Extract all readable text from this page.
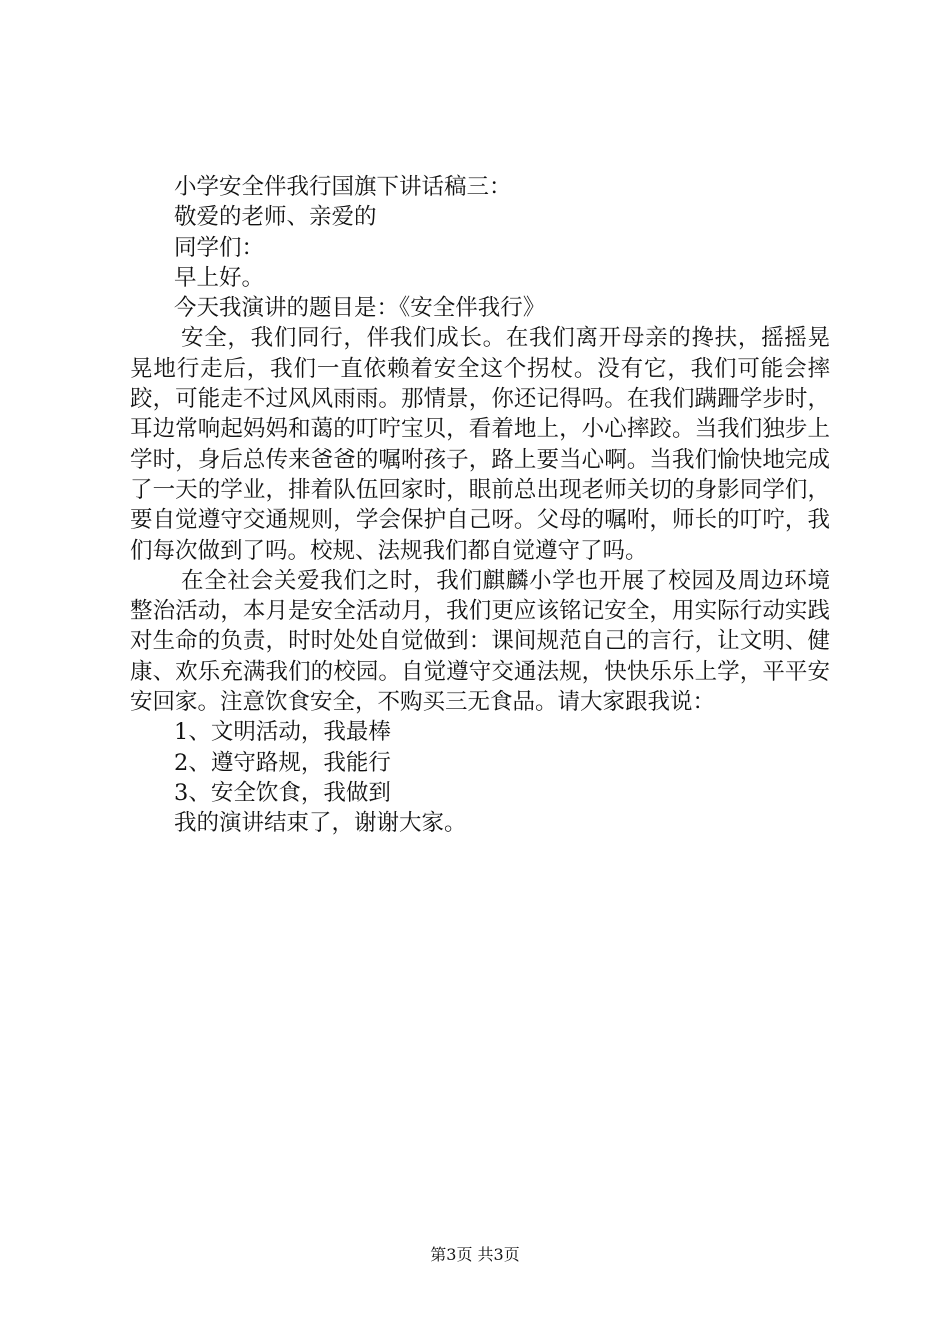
小学安全伴我行国旗下讲话稿三：
敬爱的老师、亲爱的
同学们：
早上好。
今天我演讲的题目是：《安全伴我行》

安全，我们同行，伴我们成长。在我们离开母亲的搀扶，摇摇晃晃地行走后，我们一直依赖着安全这个拐杖。没有它，我们可能会摔跤，可能走不过风风雨雨。那情景，你还记得吗。在我们蹒跚学步时，耳边常响起妈妈和蔼的叮咛宝贝，看着地上，小心摔跤。当我们独步上学时，身后总传来爸爸的嘱咐孩子，路上要当心啊。当我们愉快地完成了一天的学业，排着队伍回家时，眼前总出现老师关切的身影同学们，要自觉遵守交通规则，学会保护自己呀。父母的嘱咐，师长的叮咛，我们每次做到了吗。校规、法规我们都自觉遵守了吗。

在全社会关爱我们之时，我们麒麟小学也开展了校园及周边环境整治活动，本月是安全活动月，我们更应该铭记安全，用实际行动实践对生命的负责，时时处处自觉做到：课间规范自己的言行，让文明、健康、欢乐充满我们的校园。自觉遵守交通法规，快快乐乐上学，平平安安回家。注意饮食安全，不购买三无食品。请大家跟我说：

1、文明活动，我最棒
2、遵守路规，我能行
3、安全饮食，我做到
我的演讲结束了，谢谢大家。
第3页 共3页
